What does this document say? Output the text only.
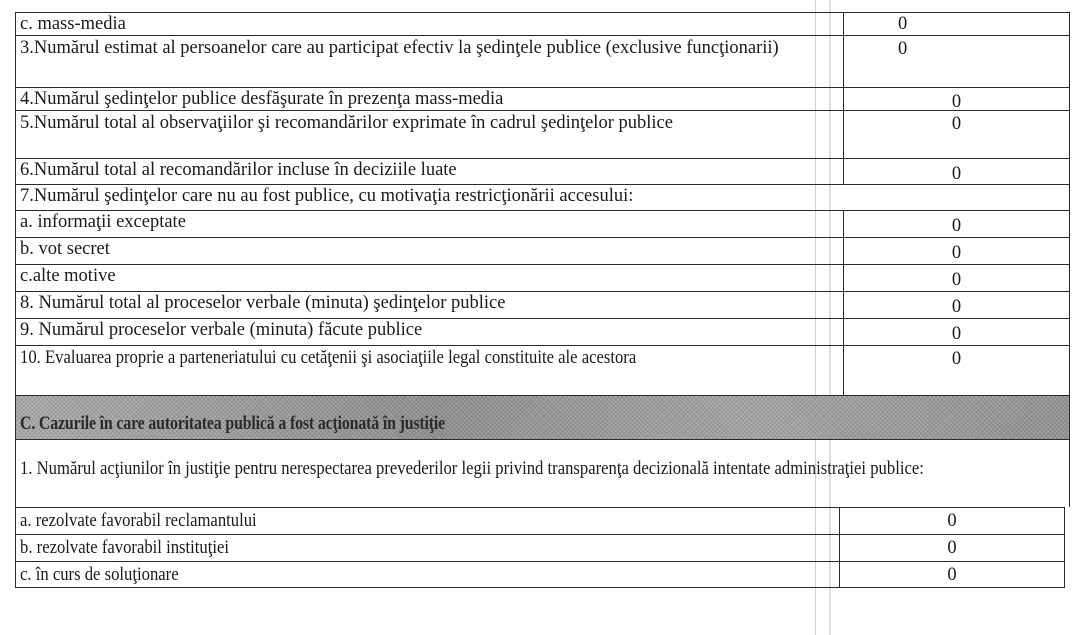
c. mass-media	0
3.Numărul estimat al persoanelor care au participat efectiv la şedinţele publice (exclusive funcţionarii)	0
4.Numărul şedinţelor publice desfăşurate în prezenţa mass-media	0
5.Numărul total al observaţiilor şi recomandărilor exprimate în cadrul şedinţelor publice	0
6.Numărul total al recomandărilor incluse în deciziile luate	0
7.Numărul şedinţelor care nu au fost publice, cu motivaţia restricţionării accesului:
a. informaţii exceptate	0
b. vot secret	0
c.alte motive	0
8. Numărul total al proceselor verbale (minuta) şedinţelor publice	0
9. Numărul proceselor verbale (minuta) făcute publice	0
10. Evaluarea proprie a parteneriatului cu cetăţenii şi asociaţiile legal constituite ale acestora	0
C. Cazurile în care autoritatea publică a fost acţionată în justiţie
1. Numărul acţiunilor în justiţie pentru nerespectarea prevederilor legii privind transparenţa decizională intentate administraţiei publice:
a. rezolvate favorabil reclamantului	0
b. rezolvate favorabil instituţiei	0
c. în curs de soluţionare	0
